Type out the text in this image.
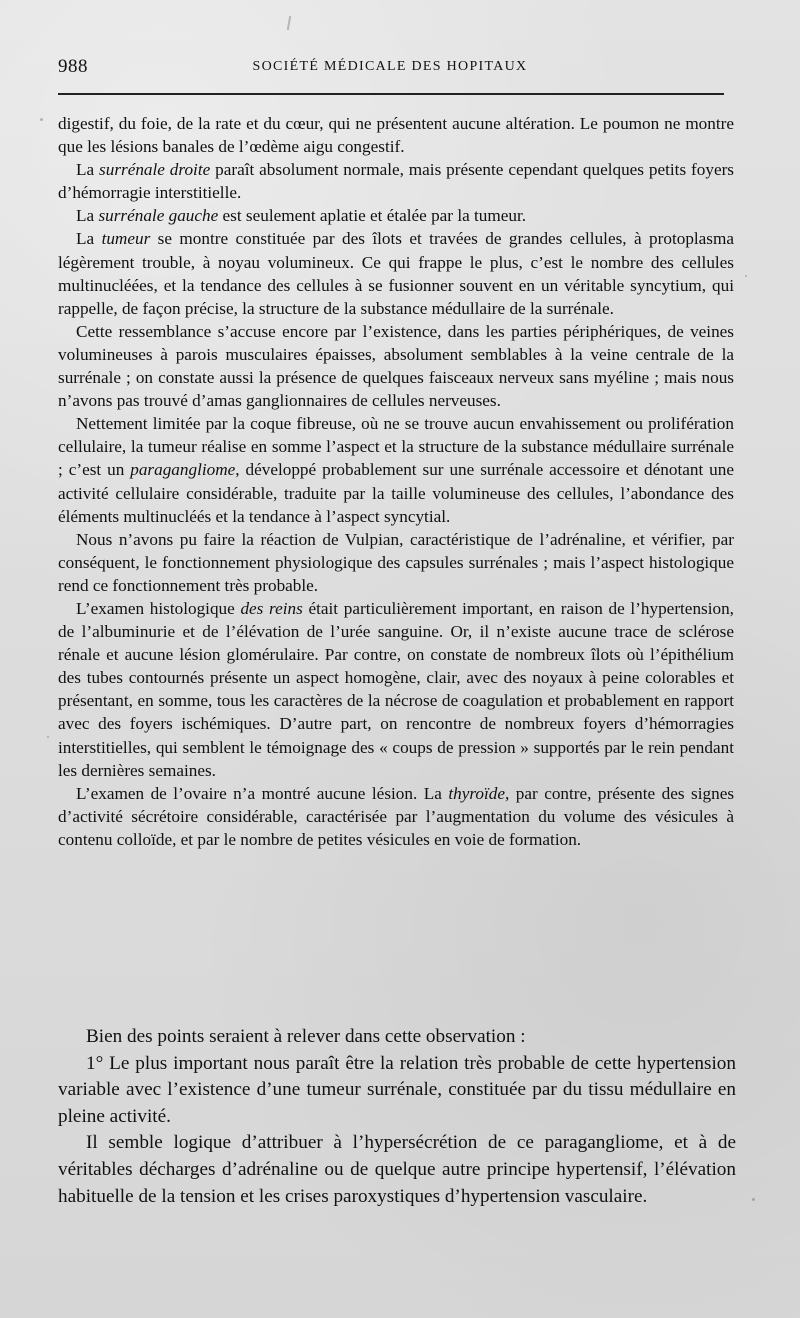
988	SOCIÉTÉ MÉDICALE DES HOPITAUX

digestif, du foie, de la rate et du cœur, qui ne présentent aucune altération. Le poumon ne montre que les lésions banales de l’œdème aigu congestif.

La surrénale droite paraît absolument normale, mais présente cependant quelques petits foyers d’hémorragie interstitielle.

La surrénale gauche est seulement aplatie et étalée par la tumeur.

La tumeur se montre constituée par des îlots et travées de grandes cellules, à protoplasma légèrement trouble, à noyau volumineux. Ce qui frappe le plus, c’est le nombre des cellules multinucléées, et la tendance des cellules à se fusionner souvent en un véritable syncytium, qui rappelle, de façon précise, la structure de la substance médullaire de la surrénale.

Cette ressemblance s’accuse encore par l’existence, dans les parties périphériques, de veines volumineuses à parois musculaires épaisses, absolument semblables à la veine centrale de la surrénale ; on constate aussi la présence de quelques faisceaux nerveux sans myéline ; mais nous n’avons pas trouvé d’amas ganglionnaires de cellules nerveuses.

Nettement limitée par la coque fibreuse, où ne se trouve aucun envahissement ou prolifération cellulaire, la tumeur réalise en somme l’aspect et la structure de la substance médullaire surrénale ; c’est un paragangliome, développé probablement sur une surrénale accessoire et dénotant une activité cellulaire considérable, traduite par la taille volumineuse des cellules, l’abondance des éléments multinucléés et la tendance à l’aspect syncytial.

Nous n’avons pu faire la réaction de Vulpian, caractéristique de l’adrénaline, et vérifier, par conséquent, le fonctionnement physiologique des capsules surrénales ; mais l’aspect histologique rend ce fonctionnement très probable.

L’examen histologique des reins était particulièrement important, en raison de l’hypertension, de l’albuminurie et de l’élévation de l’urée sanguine. Or, il n’existe aucune trace de sclérose rénale et aucune lésion glomérulaire. Par contre, on constate de nombreux îlots où l’épithélium des tubes contournés présente un aspect homogène, clair, avec des noyaux à peine colorables et présentant, en somme, tous les caractères de la nécrose de coagulation et probablement en rapport avec des foyers ischémiques. D’autre part, on rencontre de nombreux foyers d’hémorragies interstitielles, qui semblent le témoignage des « coups de pression » supportés par le rein pendant les dernières semaines.

L’examen de l’ovaire n’a montré aucune lésion. La thyroïde, par contre, présente des signes d’activité sécrétoire considérable, caractérisée par l’augmentation du volume des vésicules à contenu colloïde, et par le nombre de petites vésicules en voie de formation.

Bien des points seraient à relever dans cette observation :

1° Le plus important nous paraît être la relation très probable de cette hypertension variable avec l’existence d’une tumeur surrénale, constituée par du tissu médullaire en pleine activité.

Il semble logique d’attribuer à l’hypersécrétion de ce paragangliome, et à de véritables décharges d’adrénaline ou de quelque autre principe hypertensif, l’élévation habituelle de la tension et les crises paroxystiques d’hypertension vasculaire.
